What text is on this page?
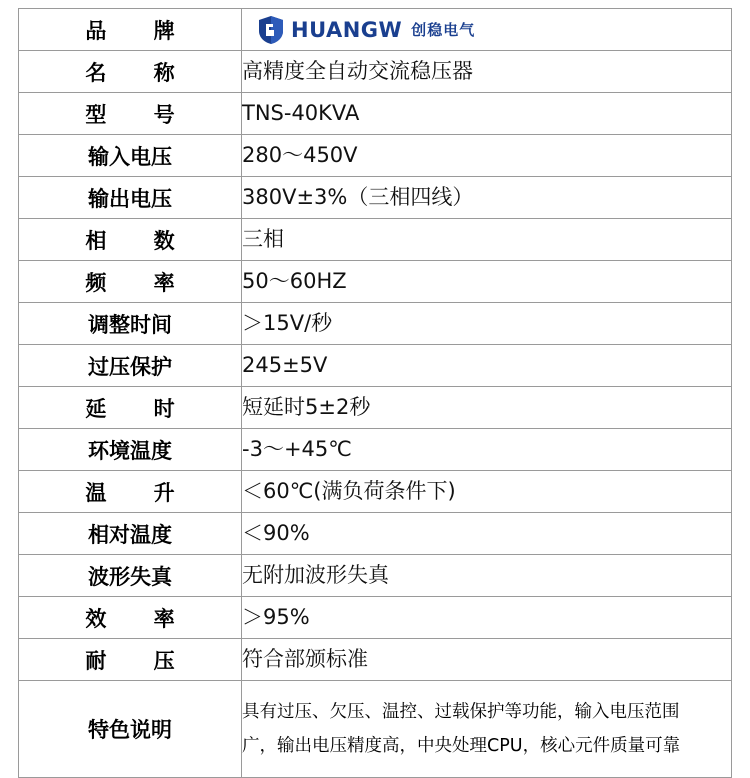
品 牌	HUANGW 创稳电气

名 称	高精度全自动交流稳压器
型 号	TNS-40KVA
输入电压	280～450V
输出电压	380V±3%（三相四线）
相 数	三相
频 率	50～60HZ
调整时间	＞15V/秒
过压保护	245±5V
延 时	短延时5±2秒
环境温度	-3～+45℃
温 升	＜60℃(满负荷条件下)
相对温度	＜90%
波形失真	无附加波形失真
效 率	＞95%
耐 压	符合部颁标准
特色说明	具有过压、欠压、温控、过载保护等功能，输入电压范围
广，输出电压精度高，中央处理CPU，核心元件质量可靠
